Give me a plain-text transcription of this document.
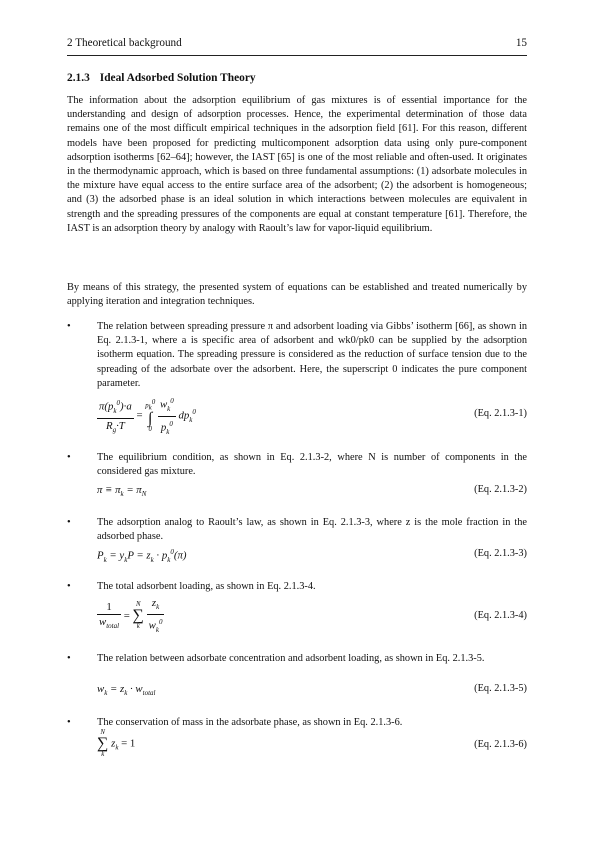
2 Theoretical background	15
2.1.3 Ideal Adsorbed Solution Theory
The information about the adsorption equilibrium of gas mixtures is of essential importance for the understanding and design of adsorption processes. Hence, the experimental determination of those data remains one of the most difficult empirical techniques in the adsorption field [61]. For this reason, different models have been proposed for predicting multicomponent adsorption data using only pure-component adsorption isotherms [62–64]; however, the IAST [65] is one of the most reliable and often-used. It originates in the thermodynamic approach, which is based on three fundamental assumptions: (1) adsorbate molecules in the mixture have equal access to the entire surface area of the adsorbent; (2) the adsorbent is homogeneous; and (3) the adsorbed phase is an ideal solution in which interactions between molecules are equivalent in strength and the spreading pressures of the components are equal at constant temperature [61]. Therefore, the IAST is an adsorption theory by analogy with Raoult’s law for vapor-liquid equilibrium.
By means of this strategy, the presented system of equations can be established and treated numerically by applying iteration and integration techniques.
•	The relation between spreading pressure π and adsorbent loading via Gibbs’ isotherm [66], as shown in Eq. 2.1.3-1, where a is specific area of adsorbent and wk0/pk0 can be supplied by the adsorption isotherm equation. The spreading pressure is considered as the reduction of surface tension due to the spreading of the adsorbate over the adsorbent. Here, the superscript 0 indicates the pure component parameter.
$\frac{\pi(p_k^0)\cdot a}{R_g\cdot T}$ =
$p_k^0$
∫
0
$\frac{w_k^0}{p_k^0} dp_k^0$	(Eq. 2.1.3-1)
•	The equilibrium condition, as shown in Eq. 2.1.3-2, where N is number of components in the considered gas mixture.
$\pi \equiv \pi_k = \pi_N$	(Eq. 2.1.3-2)
•	The adsorption analog to Raoult’s law, as shown in Eq. 2.1.3-3, where z is the mole fraction in the adsorbed phase.
$P_k = y_kP = z_k \cdot p_k^0(\pi)$	(Eq. 2.1.3-3)
•	The total adsorbent loading, as shown in Eq. 2.1.3-4.
$\frac{1}{w_{total}}$ =
N
∑
k
$\frac{z_k}{w_k^0}$	(Eq. 2.1.3-4)
•	The relation between adsorbate concentration and adsorbent loading, as shown in Eq. 2.1.3-5.
$w_k = z_k \cdot w_{total}$	(Eq. 2.1.3-5)
•	The conservation of mass in the adsorbate phase, as shown in Eq. 2.1.3-6.
N
∑
k
$z_k = 1$	(Eq. 2.1.3-6)
